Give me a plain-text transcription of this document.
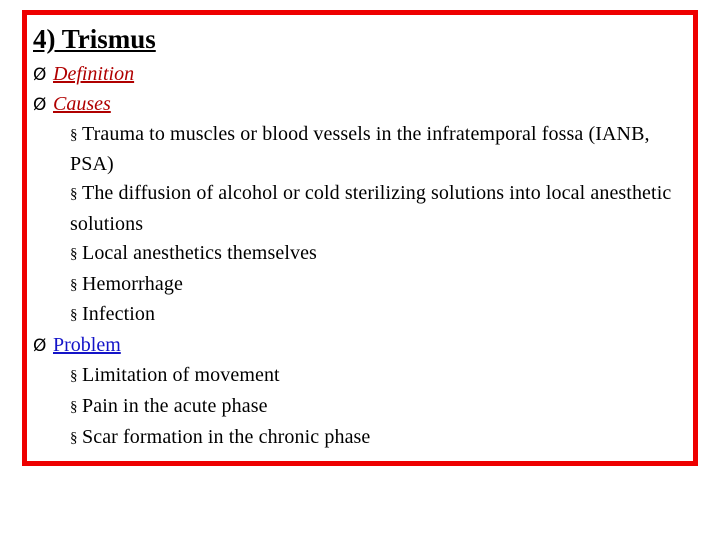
4) Trismus
Ø Definition
Ø Causes
§ Trauma to muscles or blood vessels in the infratemporal fossa (IANB, PSA)
§ The diffusion of alcohol or cold sterilizing solutions into local anesthetic solutions
§ Local anesthetics themselves
§ Hemorrhage
§ Infection
Ø Problem
§ Limitation of movement
§ Pain in the acute phase
§ Scar formation in the chronic phase
